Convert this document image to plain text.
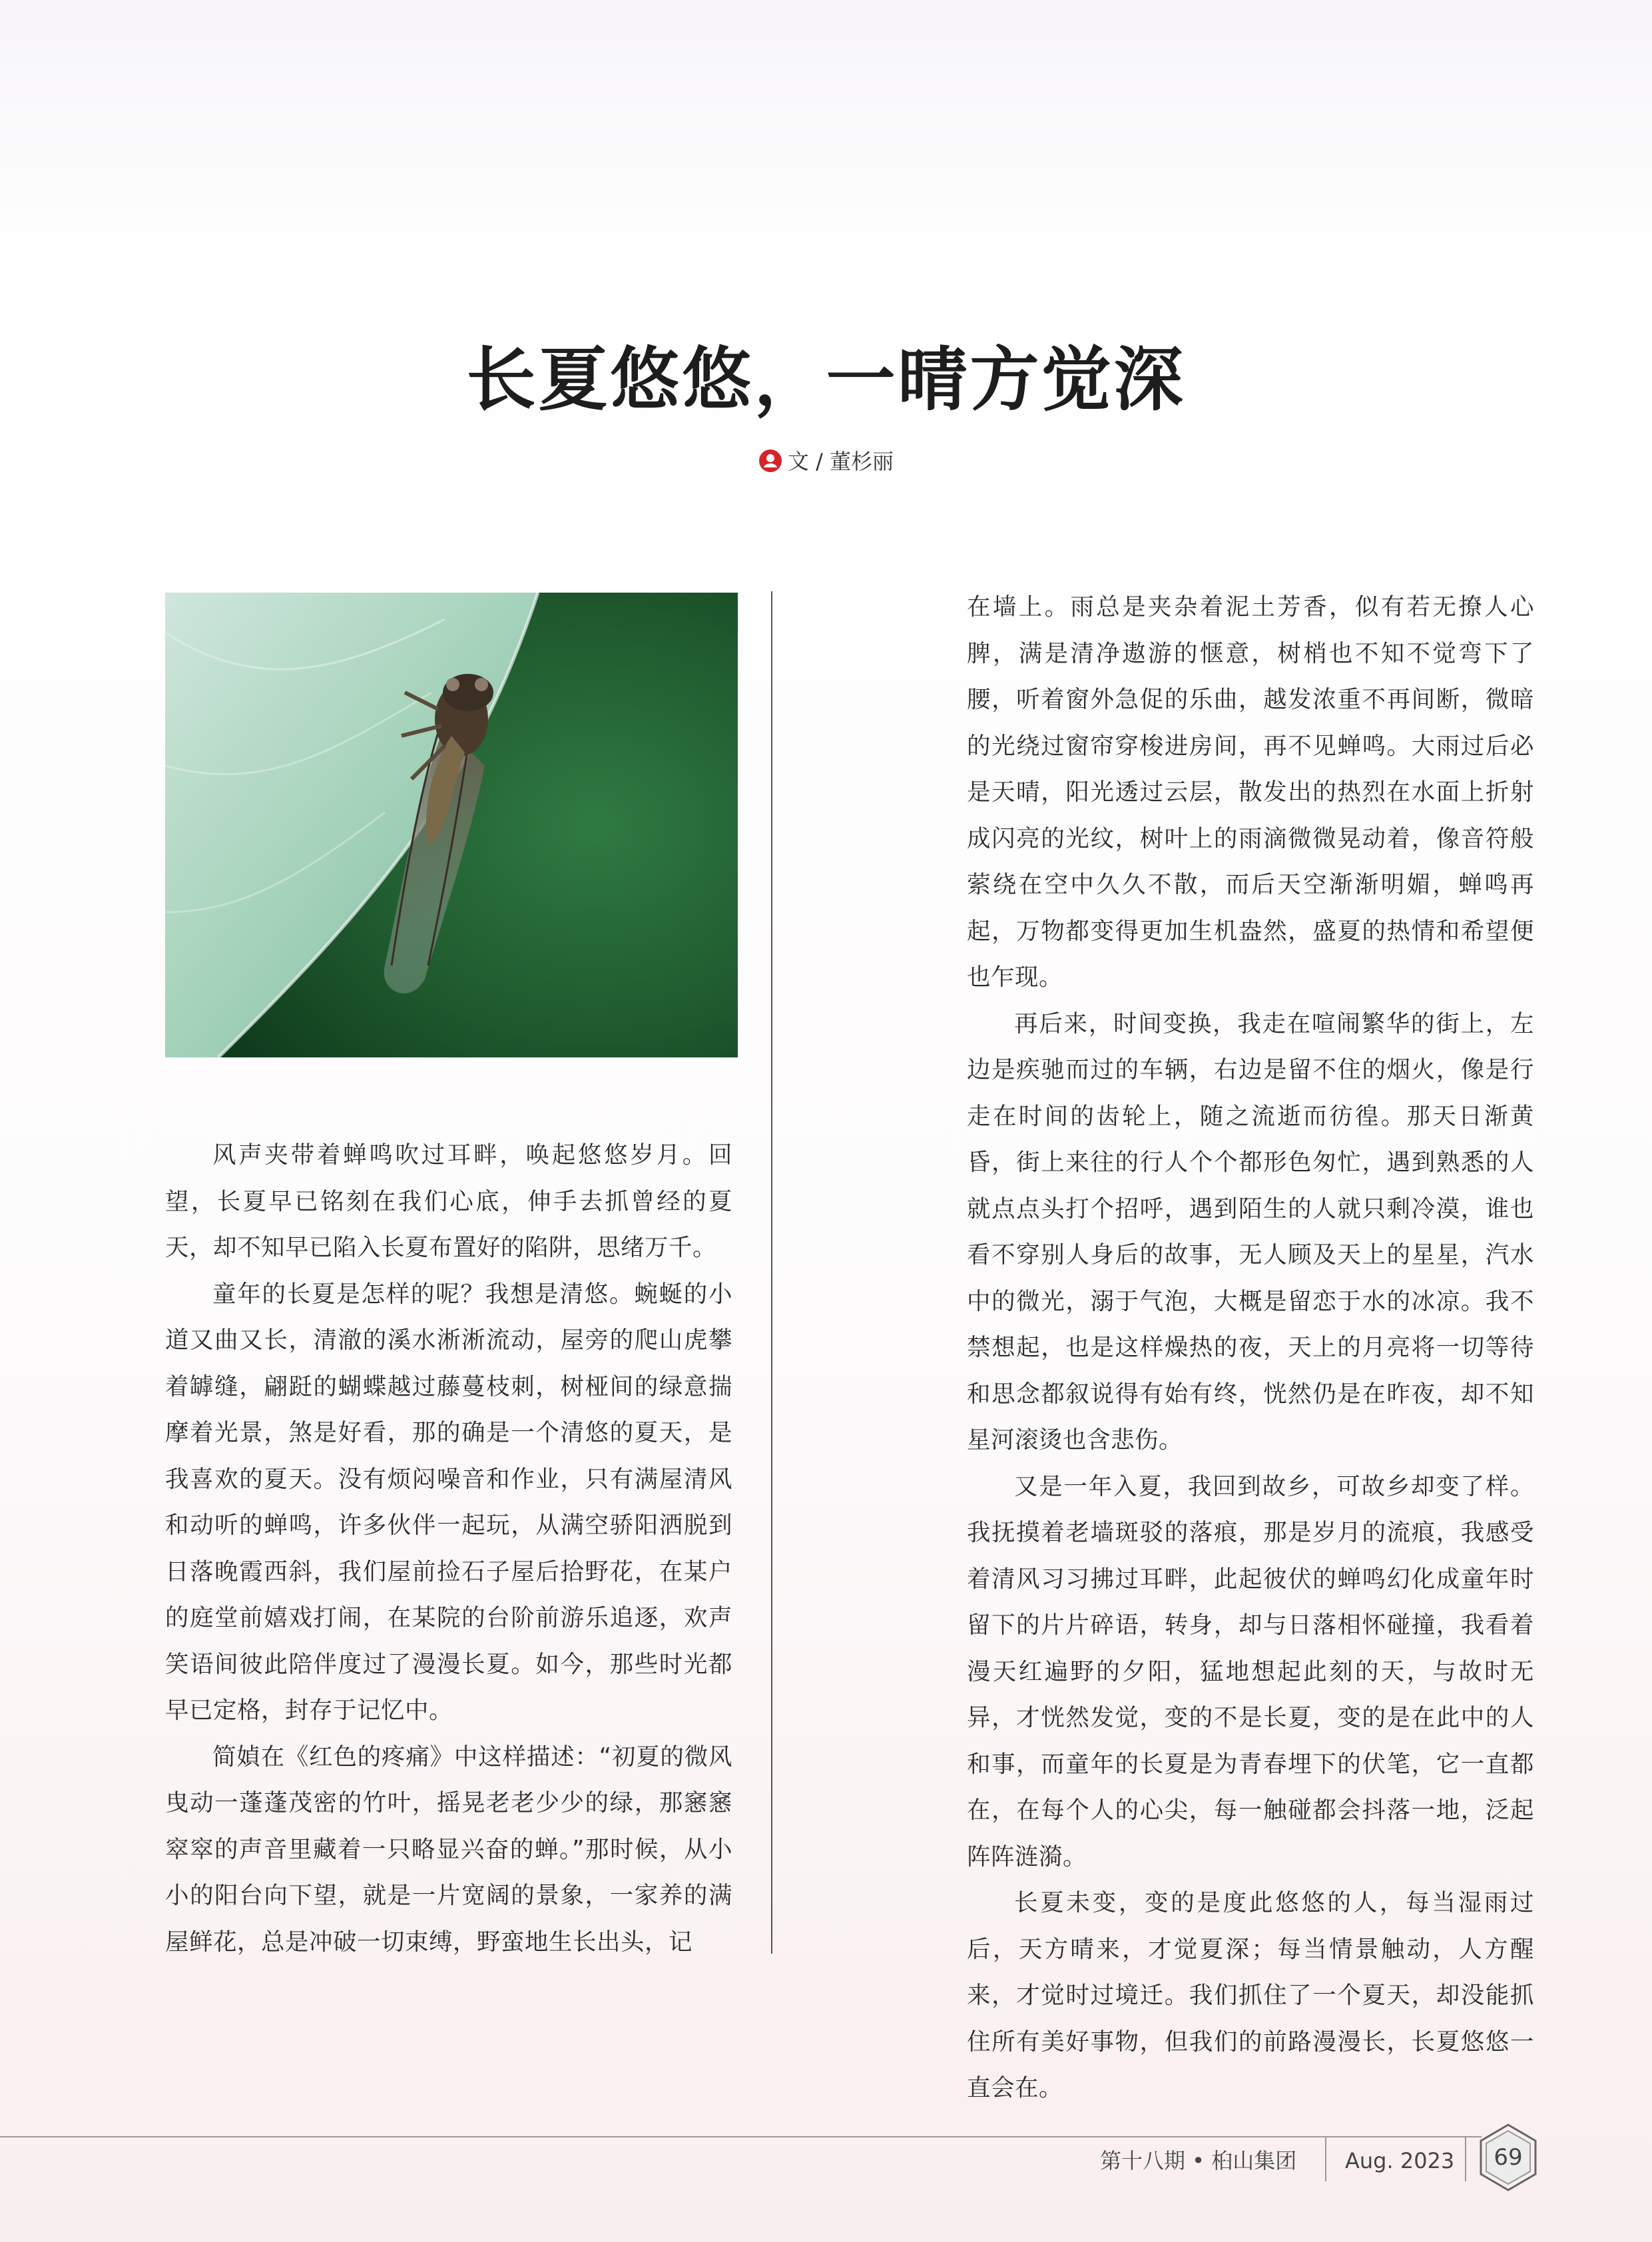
长夏悠悠，一晴方觉深
文 / 董杉丽

风声夹带着蝉鸣吹过耳畔，唤起悠悠岁月。回望，长夏早已铭刻在我们心底，伸手去抓曾经的夏天，却不知早已陷入长夏布置好的陷阱，思绪万千。

童年的长夏是怎样的呢？我想是清悠。蜿蜒的小道又曲又长，清澈的溪水淅淅流动，屋旁的爬山虎攀着罅缝，翩跹的蝴蝶越过藤蔓枝刺，树桠间的绿意揣摩着光景，煞是好看，那的确是一个清悠的夏天，是我喜欢的夏天。没有烦闷噪音和作业，只有满屋清风和动听的蝉鸣，许多伙伴一起玩，从满空骄阳洒脱到日落晚霞西斜，我们屋前捡石子屋后拾野花，在某户的庭堂前嬉戏打闹，在某院的台阶前游乐追逐，欢声笑语间彼此陪伴度过了漫漫长夏。如今，那些时光都早已定格，封存于记忆中。

简媜在《红色的疼痛》中这样描述：“初夏的微风曳动一蓬蓬茂密的竹叶，摇晃老老少少的绿，那窸窸窣窣的声音里藏着一只略显兴奋的蝉。”那时候，从小小的阳台向下望，就是一片宽阔的景象，一家养的满屋鲜花，总是冲破一切束缚，野蛮地生长出头，记

在墙上。雨总是夹杂着泥土芳香，似有若无撩人心脾，满是清净遨游的惬意，树梢也不知不觉弯下了腰，听着窗外急促的乐曲，越发浓重不再间断，微暗的光绕过窗帘穿梭进房间，再不见蝉鸣。大雨过后必是天晴，阳光透过云层，散发出的热烈在水面上折射成闪亮的光纹，树叶上的雨滴微微晃动着，像音符般萦绕在空中久久不散，而后天空渐渐明媚，蝉鸣再起，万物都变得更加生机盎然，盛夏的热情和希望便也乍现。

再后来，时间变换，我走在喧闹繁华的街上，左边是疾驰而过的车辆，右边是留不住的烟火，像是行走在时间的齿轮上，随之流逝而彷徨。那天日渐黄昏，街上来往的行人个个都形色匆忙，遇到熟悉的人就点点头打个招呼，遇到陌生的人就只剩冷漠，谁也看不穿别人身后的故事，无人顾及天上的星星，汽水中的微光，溺于气泡，大概是留恋于水的冰凉。我不禁想起，也是这样燥热的夜，天上的月亮将一切等待和思念都叙说得有始有终，恍然仍是在昨夜，却不知星河滚烫也含悲伤。

又是一年入夏，我回到故乡，可故乡却变了样。我抚摸着老墙斑驳的落痕，那是岁月的流痕，我感受着清风习习拂过耳畔，此起彼伏的蝉鸣幻化成童年时留下的片片碎语，转身，却与日落相怀碰撞，我看着漫天红遍野的夕阳，猛地想起此刻的天，与故时无异，才恍然发觉，变的不是长夏，变的是在此中的人和事，而童年的长夏是为青春埋下的伏笔，它一直都在，在每个人的心尖，每一触碰都会抖落一地，泛起阵阵涟漪。

长夏未变，变的是度此悠悠的人，每当湿雨过后，天方晴来，才觉夏深；每当情景触动，人方醒来，才觉时过境迁。我们抓住了一个夏天，却没能抓住所有美好事物，但我们的前路漫漫长，长夏悠悠一直会在。

第十八期 • 桕山集团 Aug. 2023	69
